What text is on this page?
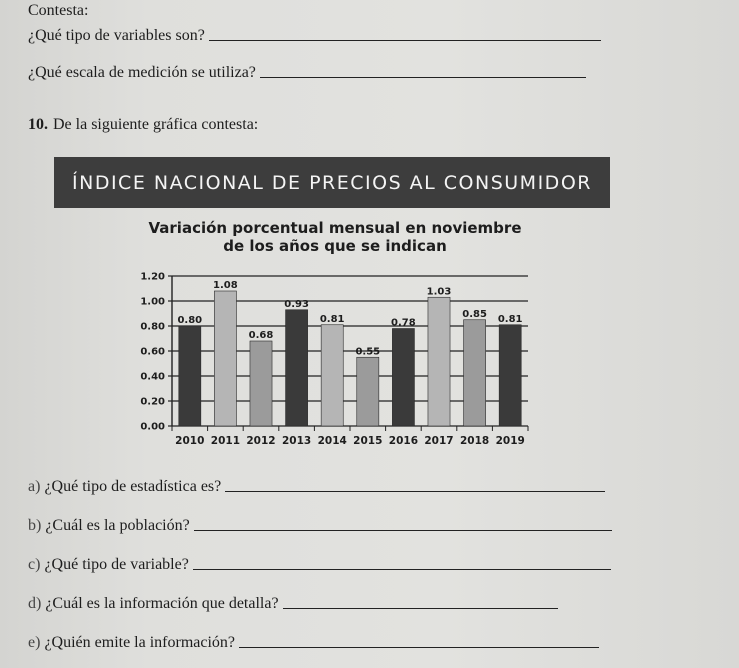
Contesta:
¿Qué tipo de variables son?
¿Qué escala de medición se utiliza?
10. De la siguiente gráfica contesta:
ÍNDICE NACIONAL DE PRECIOS AL CONSUMIDOR
Variación porcentual mensual en noviembre
de los años que se indican
0.00
0.20
0.40
0.60
0.80
1.00
1.20
0.80
2010
1.08
2011
0.68
2012
0.93
2013
0.81
2014
0.55
2015
0.78
2016
1.03
2017
0.85
2018
0.81
2019
a) ¿Qué tipo de estadística es?
b) ¿Cuál es la población?
c) ¿Qué tipo de variable?
d) ¿Cuál es la información que detalla?
e) ¿Quién emite la información?
